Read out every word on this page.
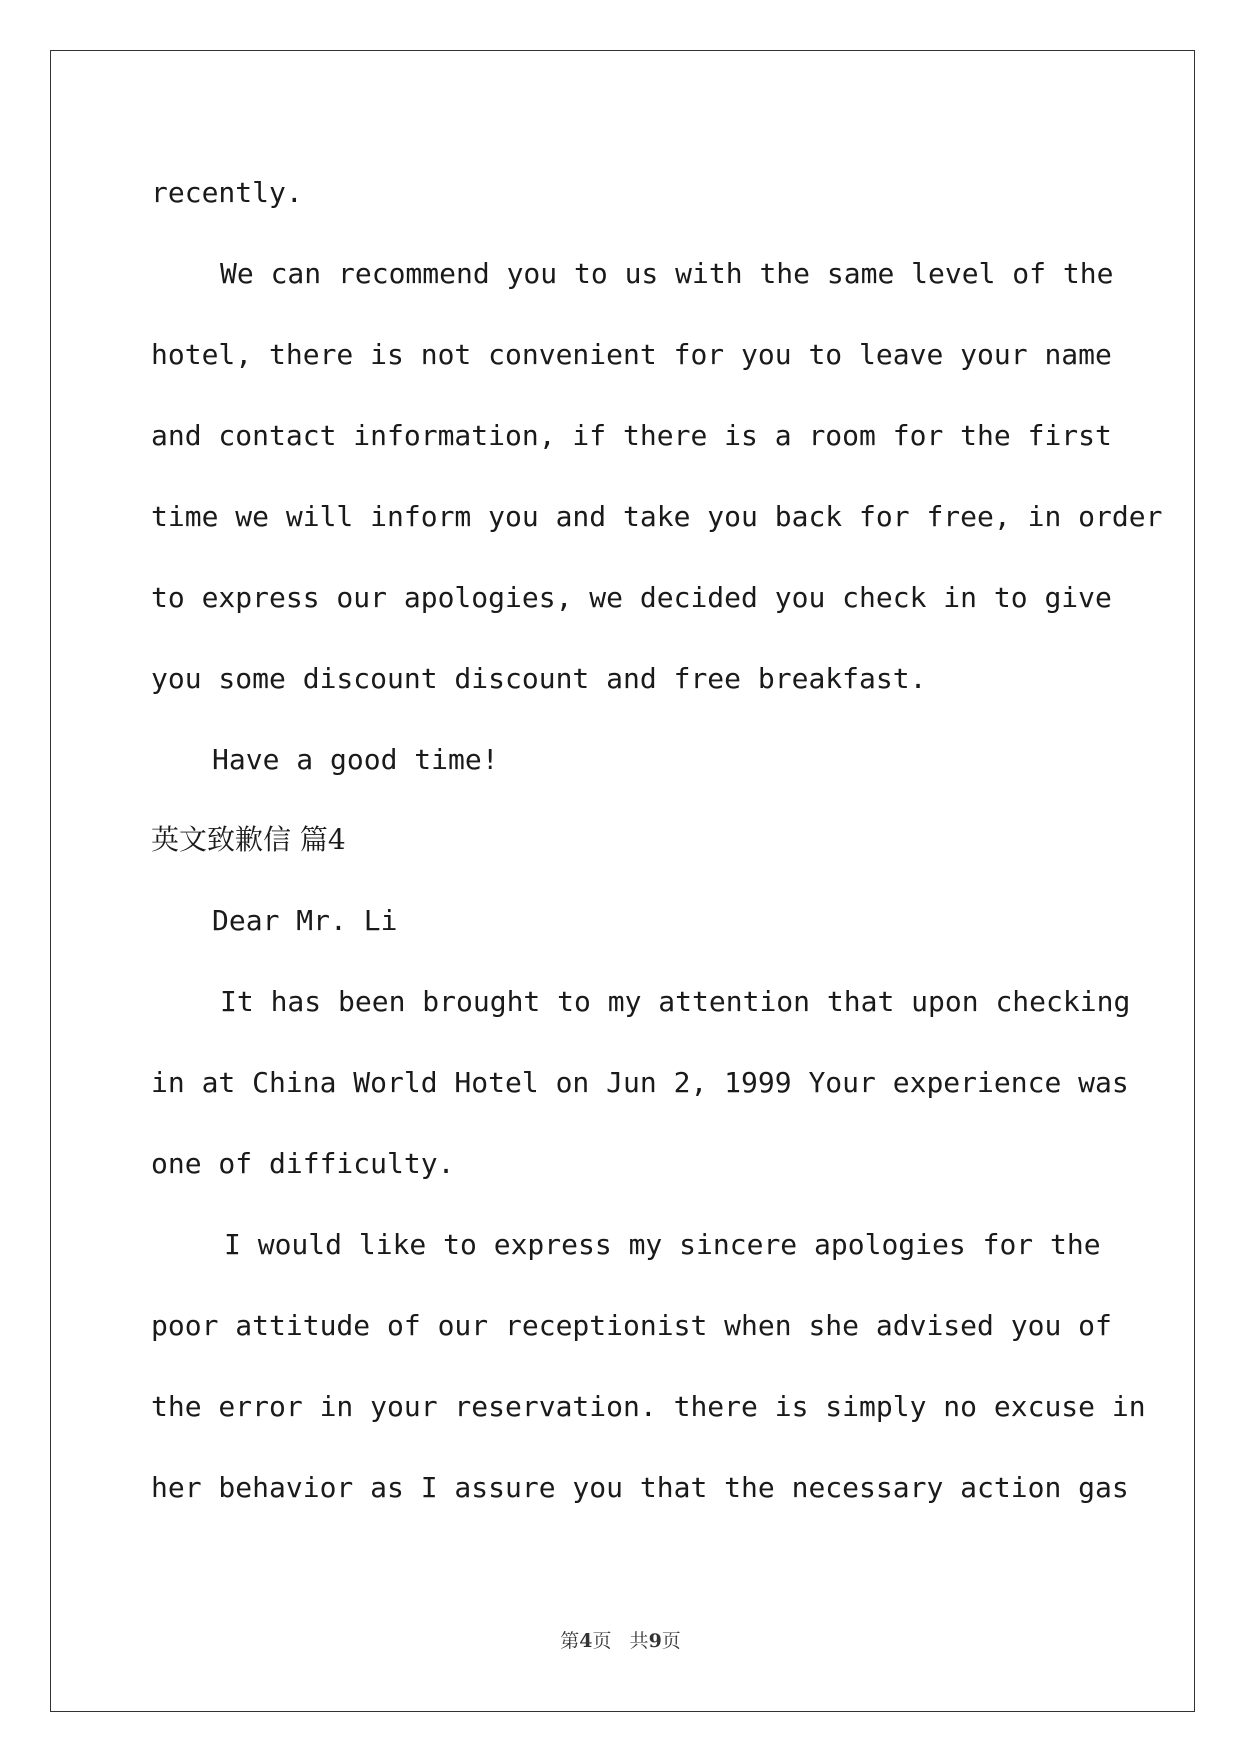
recently.
We can recommend you to us with the same level of the
hotel, there is not convenient for you to leave your name
and contact information, if there is a room for the first
time we will inform you and take you back for free, in order
to express our apologies, we decided you check in to give
you some discount discount and free breakfast.
Have a good time!
英文致歉信 篇4
Dear Mr. Li
It has been brought to my attention that upon checking
in at China World Hotel on Jun 2, 1999 Your experience was
one of difficulty.
I would like to express my sincere apologies for the
poor attitude of our receptionist when she advised you of
the error in your reservation. there is simply no excuse in
her behavior as I assure you that the necessary action gas
第4页   共9页
